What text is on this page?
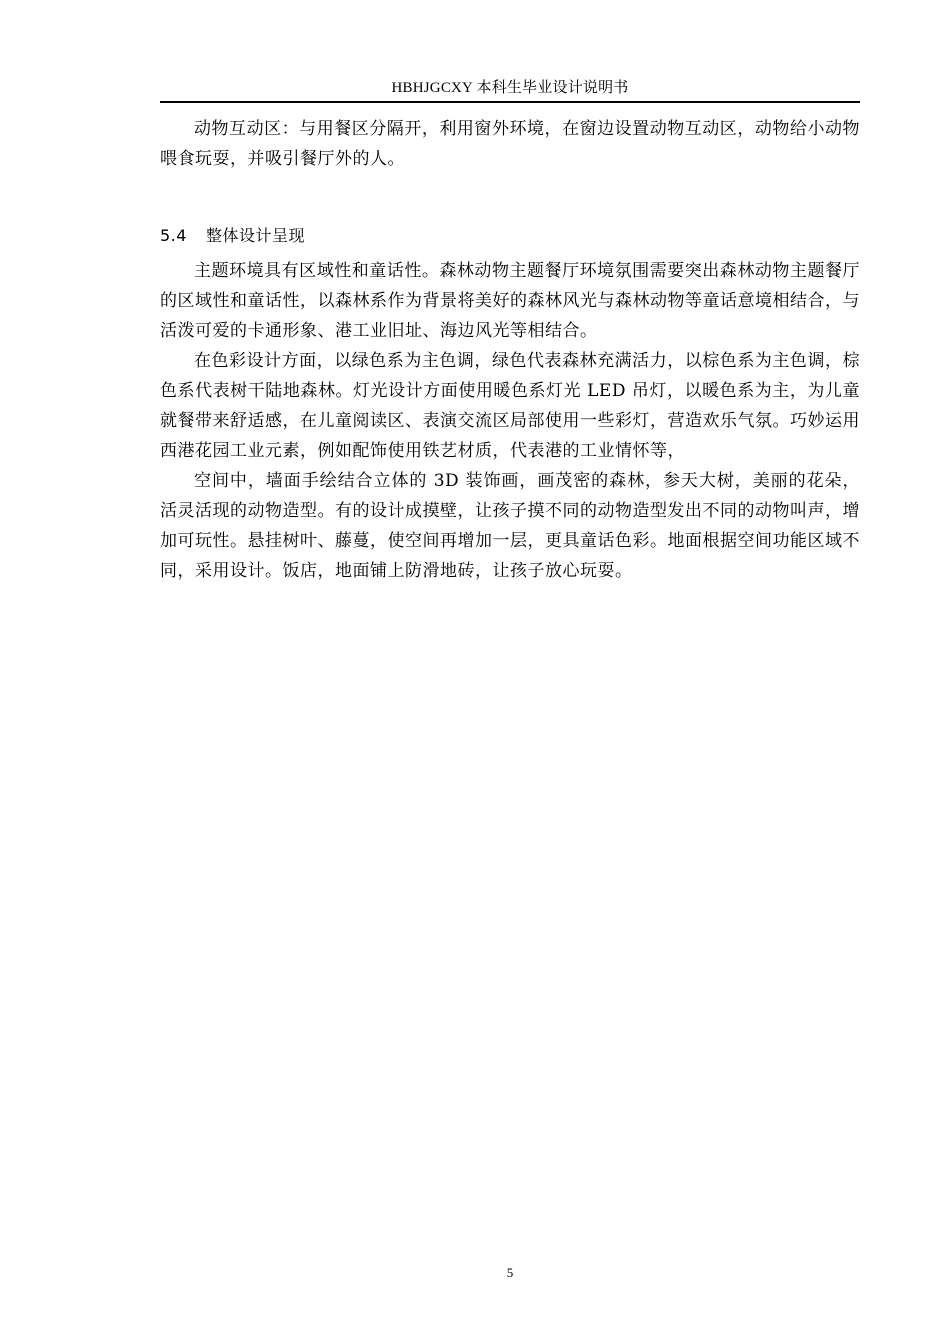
HBHJGCXY 本科生毕业设计说明书

动物互动区：与用餐区分隔开，利用窗外环境，在窗边设置动物互动区，动物给小动物喂食玩耍，并吸引餐厅外的人。

5.4 整体设计呈现

主题环境具有区域性和童话性。森林动物主题餐厅环境氛围需要突出森林动物主题餐厅的区域性和童话性，以森林系作为背景将美好的森林风光与森林动物等童话意境相结合，与活泼可爱的卡通形象、港工业旧址、海边风光等相结合。

在色彩设计方面，以绿色系为主色调，绿色代表森林充满活力，以棕色系为主色调，棕色系代表树干陆地森林。灯光设计方面使用暖色系灯光 LED 吊灯，以暖色系为主，为儿童就餐带来舒适感，在儿童阅读区、表演交流区局部使用一些彩灯，营造欢乐气氛。巧妙运用西港花园工业元素，例如配饰使用铁艺材质，代表港的工业情怀等，

空间中，墙面手绘结合立体的 3D 装饰画，画茂密的森林，参天大树，美丽的花朵，活灵活现的动物造型。有的设计成摸壁，让孩子摸不同的动物造型发出不同的动物叫声，增加可玩性。悬挂树叶、藤蔓，使空间再增加一层，更具童话色彩。地面根据空间功能区域不同，采用设计。饭店，地面铺上防滑地砖，让孩子放心玩耍。

5
